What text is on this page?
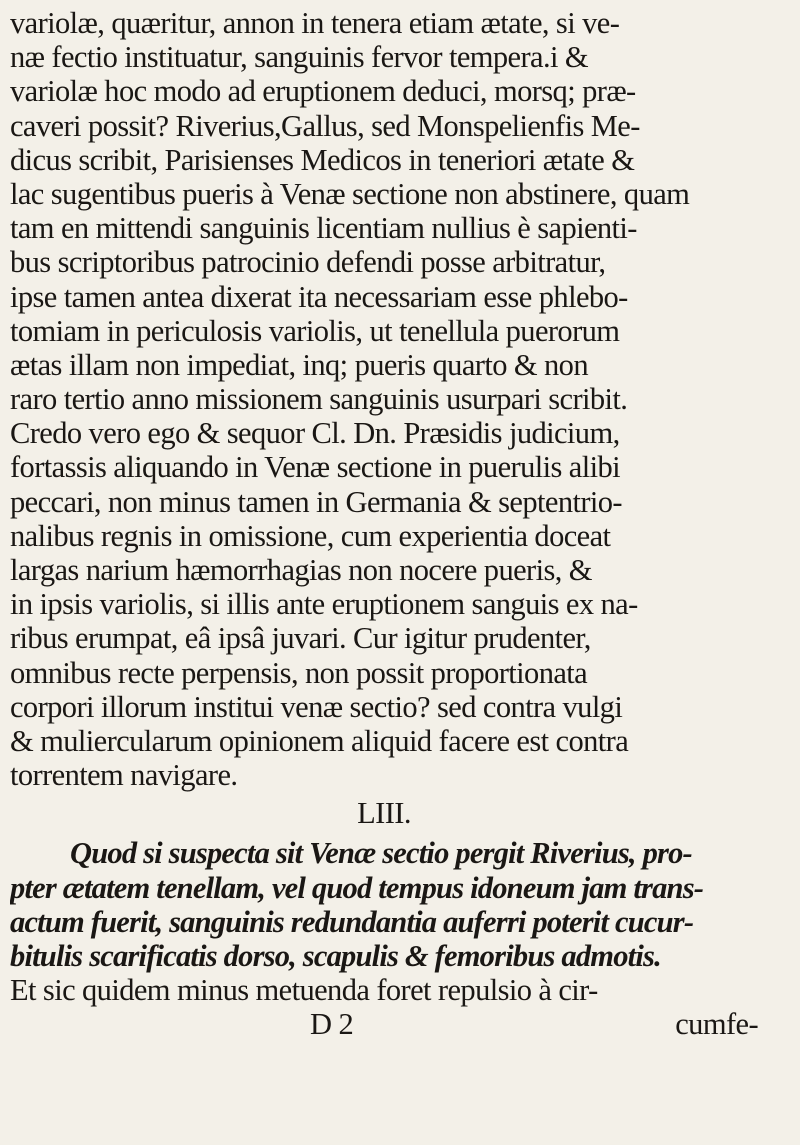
variolæ, quæritur, annon in tenera etiam ætate, si ve-
næ fectio instituatur, sanguinis fervor tempera.i &
variolæ hoc modo ad eruptionem deduci, morsq; præ-
caveri possit? Riverius,Gallus, sed Monspelienfis Me-
dicus scribit, Parisienses Medicos in teneriori ætate &
lac sugentibus pueris à Venæ sectione non abstinere, quam
tam en mittendi sanguinis licentiam nullius è sapienti-
bus scriptoribus patrocinio defendi posse arbitratur,
ipse tamen antea dixerat ita necessariam esse phlebo-
tomiam in periculosis variolis, ut tenellula puerorum
ætas illam non impediat, inq; pueris quarto & non
raro tertio anno missionem sanguinis usurpari scribit.
Credo vero ego & sequor Cl. Dn. Præsidis judicium,
fortassis aliquando in Venæ sectione in puerulis alibi
peccari, non minus tamen in Germania & septentrio-
nalibus regnis in omissione, cum experientia doceat
largas narium hæmorrhagias non nocere pueris, &
in ipsis variolis, si illis ante eruptionem sanguis ex na-
ribus erumpat, eâ ipsâ juvari. Cur igitur prudenter,
omnibus recte perpensis, non possit proportionata
corpori illorum institui venæ sectio? sed contra vulgi
& muliercularum opinionem aliquid facere est contra
torrentem navigare.
LIII.
Quod si suspecta sit Venæ sectio pergit Riverius, pro-
pter ætatem tenellam, vel quod tempus idoneum jam trans-
actum fuerit, sanguinis redundantia auferri poterit cucur-
bitulis scarificatis dorso, scapulis & femoribus admotis.
Et sic quidem minus metuenda foret repulsio à cir-
D 2	cumfe-
